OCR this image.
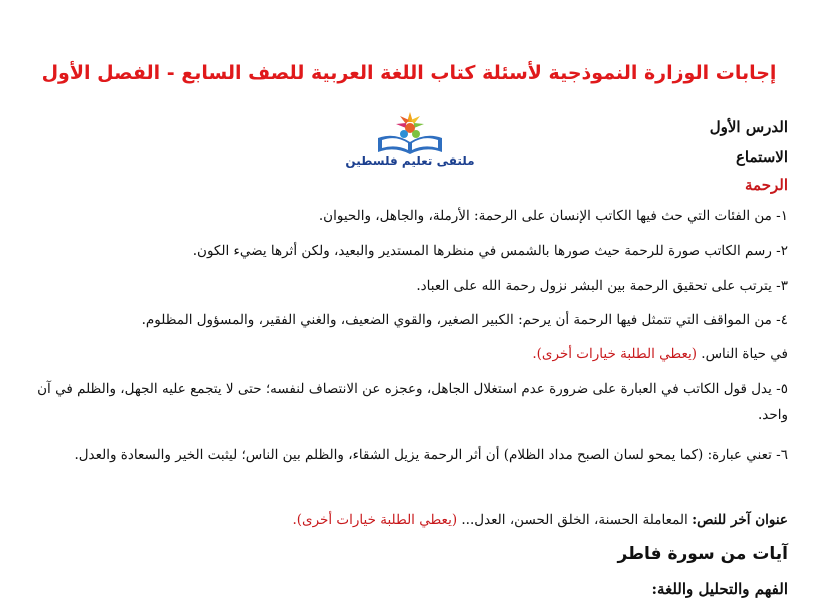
إجابات الوزارة النموذجية لأسئلة كتاب اللغة العربية للصف السابع - الفصل الأول
ملتقى تعليم فلسطين
الدرس الأول
الاستماع
الرحمة
١- من الفئات التي حث فيها الكاتب الإنسان على الرحمة: الأرملة، والجاهل، والحيوان.
٢- رسم الكاتب صورة للرحمة حيث صورها بالشمس في منظرها المستدير والبعيد، ولكن أثرها يضيء الكون.
٣- يترتب على تحقيق الرحمة بين البشر نزول رحمة الله على العباد.
٤- من المواقف التي تتمثل فيها الرحمة أن يرحم: الكبير الصغير، والقوي الضعيف، والغني الفقير، والمسؤول المظلوم.
في حياة الناس. (يعطي الطلبة خيارات أخرى).
٥- يدل قول الكاتب في العبارة على ضرورة عدم استغلال الجاهل، وعجزه عن الانتصاف لنفسه؛ حتى لا يتجمع عليه الجهل، والظلم في آن واحد.
٦- تعني عبارة: (كما يمحو لسان الصبح مداد الظلام) أن أثر الرحمة يزيل الشقاء، والظلم بين الناس؛ ليثبت الخير والسعادة والعدل.
عنوان آخر للنص: المعاملة الحسنة، الخلق الحسن، العدل... (يعطي الطلبة خيارات أخرى).
آيات من سورة فاطر
الفهم والتحليل واللغة:
